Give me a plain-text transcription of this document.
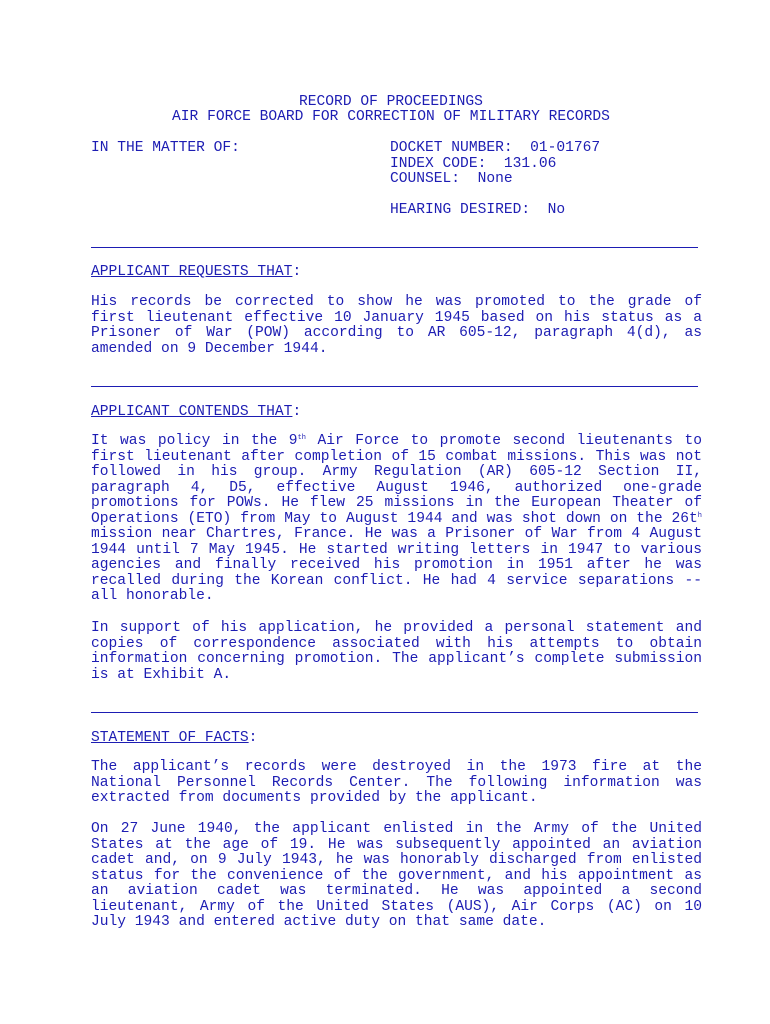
RECORD OF PROCEEDINGS
AIR FORCE BOARD FOR CORRECTION OF MILITARY RECORDS
IN THE MATTER OF:	DOCKET NUMBER:  01-01767
INDEX CODE:  131.06
COUNSEL:  None
HEARING DESIRED:  No
APPLICANT REQUESTS THAT:
His records be corrected to show he was promoted to the grade of first lieutenant effective 10 January 1945 based on his status as a Prisoner of War (POW) according to AR 605-12, paragraph 4(d), as amended on 9 December 1944.
APPLICANT CONTENDS THAT:
It was policy in the 9th Air Force to promote second lieutenants to first lieutenant after completion of 15 combat missions. This was not followed in his group. Army Regulation (AR) 605-12 Section II, paragraph 4, D5, effective August 1946, authorized one-grade promotions for POWs. He flew 25 missions in the European Theater of Operations (ETO) from May to August 1944 and was shot down on the $26t^h$ mission near Chartres, France. He was a Prisoner of War from 4 August 1944 until 7 May 1945. He started writing letters in 1947 to various agencies and finally received his promotion in 1951 after he was recalled during the Korean conflict. He had 4 service separations -- all honorable.
In support of his application, he provided a personal statement and copies of correspondence associated with his attempts to obtain information concerning promotion. The applicant’s complete submission is at Exhibit A.
STATEMENT OF FACTS:
The applicant’s records were destroyed in the 1973 fire at the National Personnel Records Center. The following information was extracted from documents provided by the applicant.
On 27 June 1940, the applicant enlisted in the Army of the United States at the age of 19. He was subsequently appointed an aviation cadet and, on 9 July 1943, he was honorably discharged from enlisted status for the convenience of the government, and his appointment as an aviation cadet was terminated. He was appointed a second lieutenant, Army of the United States (AUS), Air Corps (AC) on 10 July 1943 and entered active duty on that same date.
